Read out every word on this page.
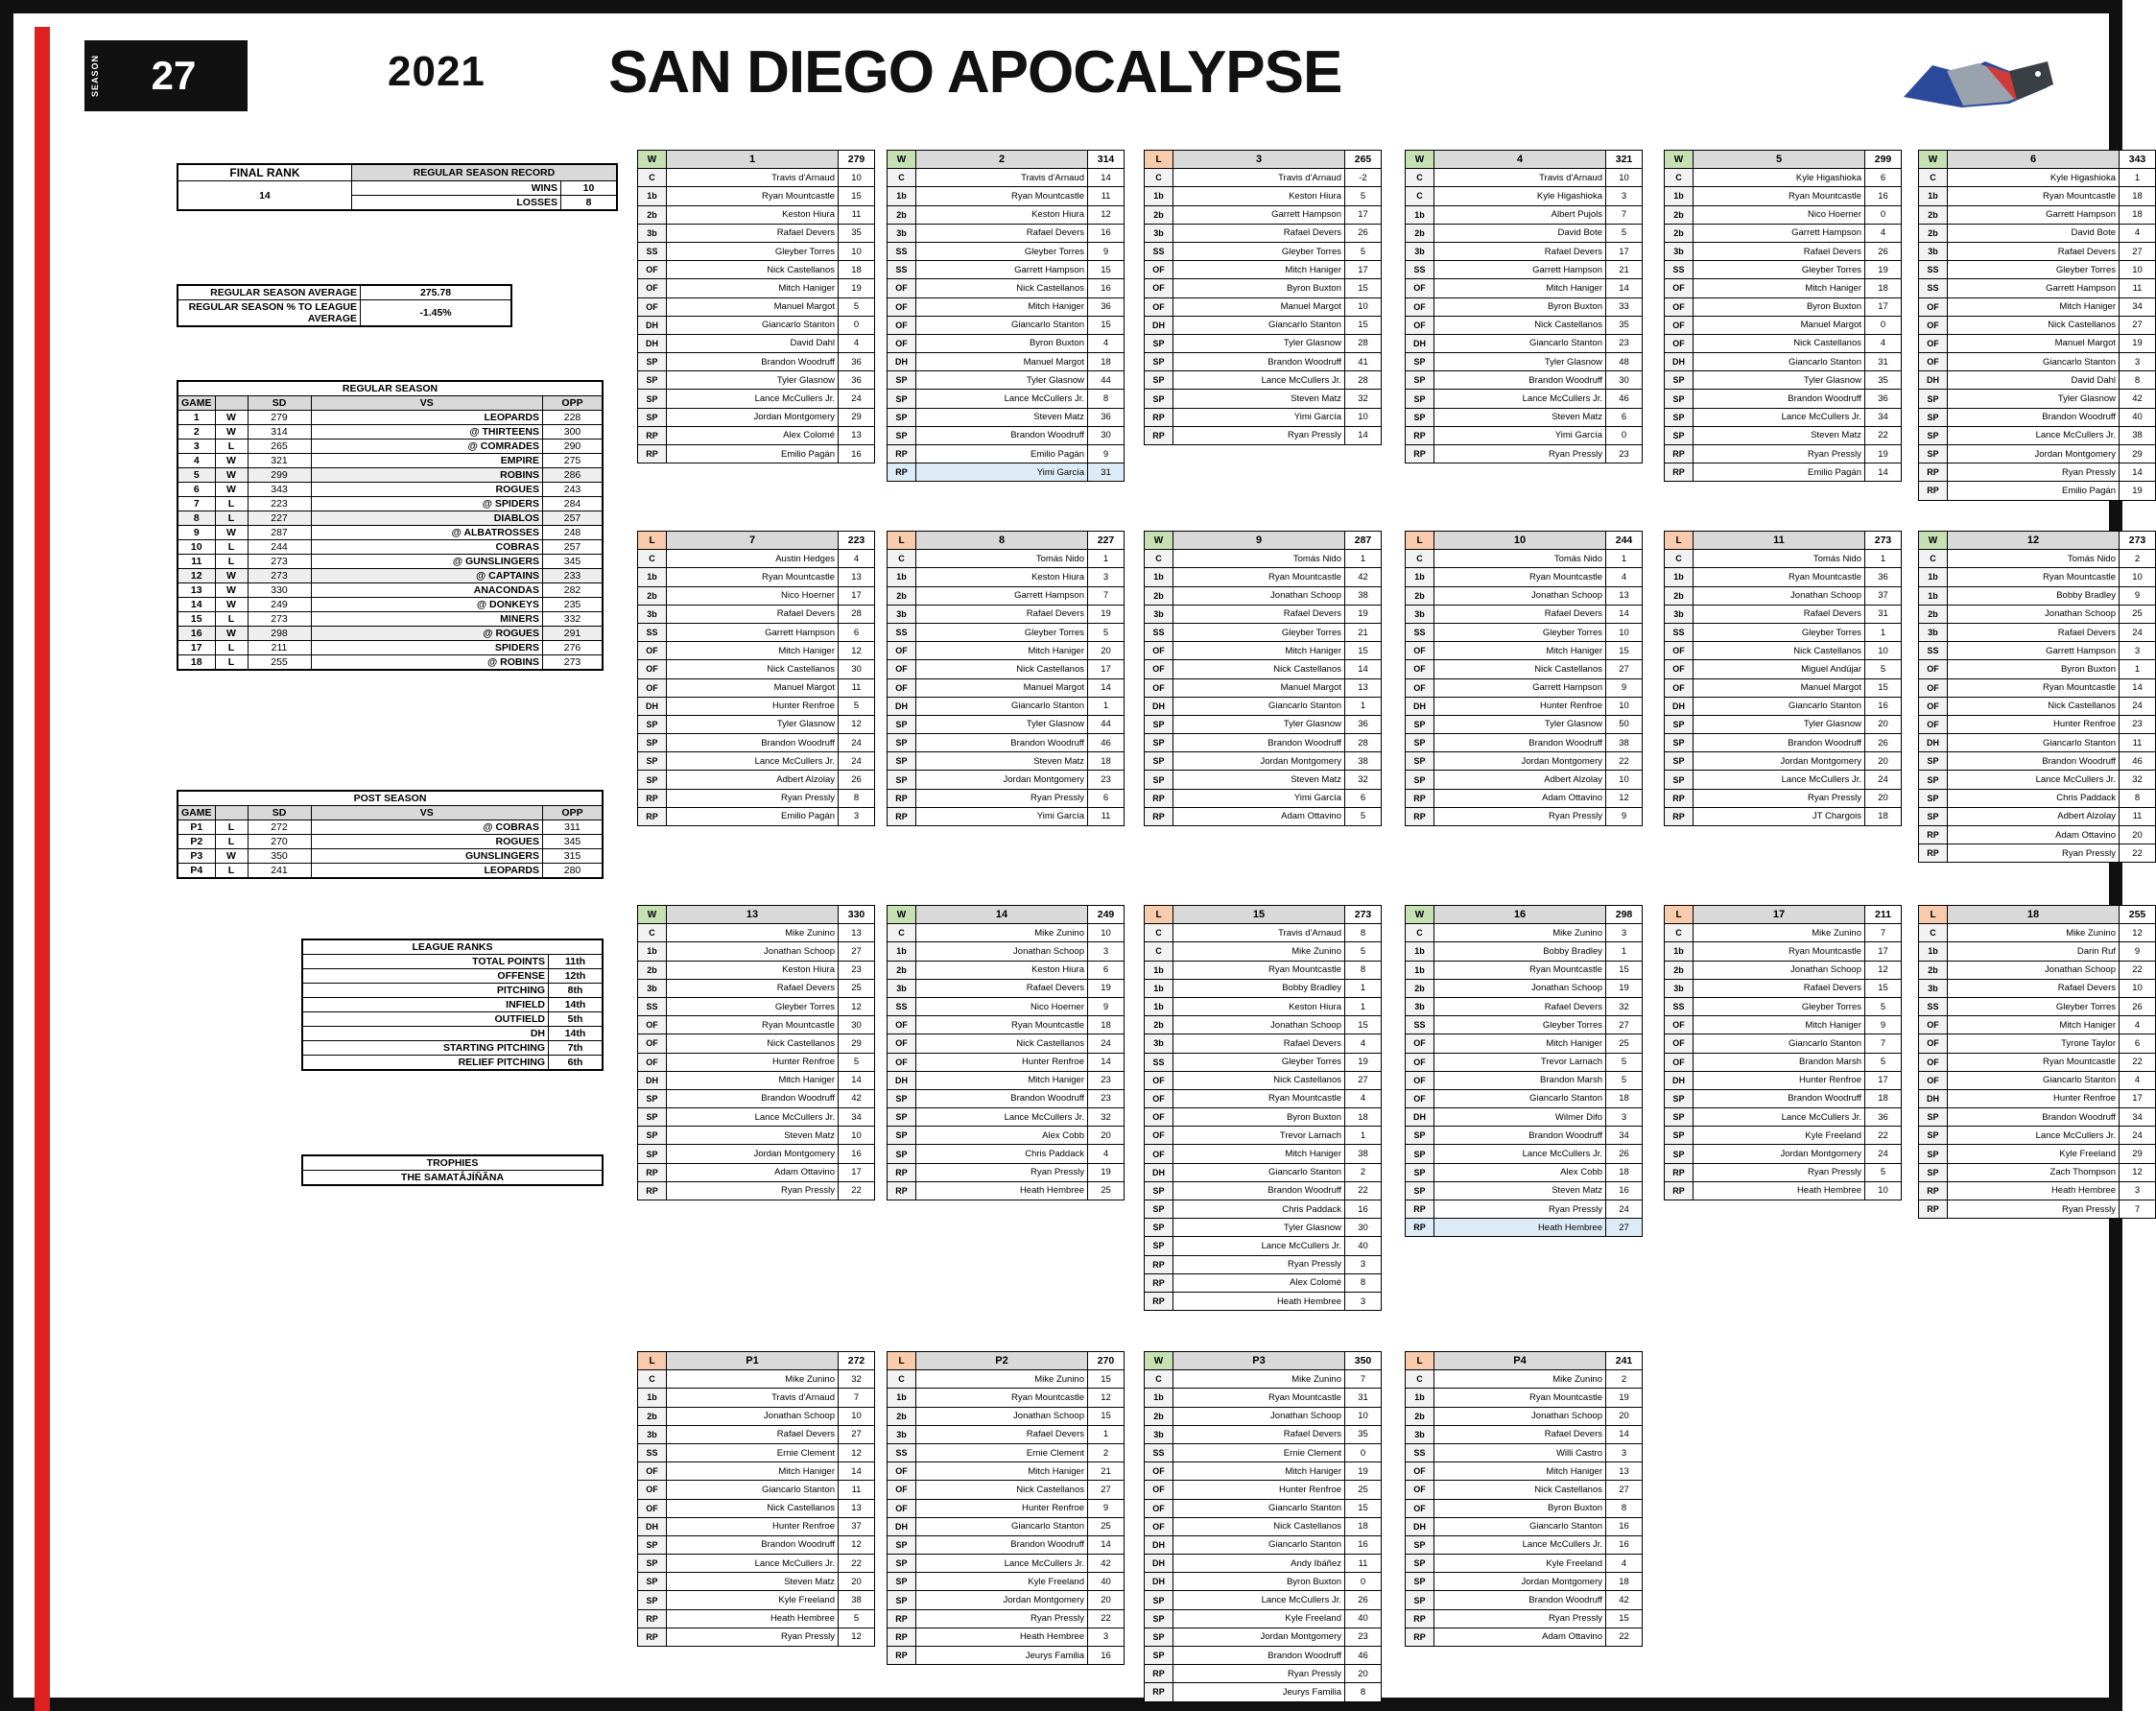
SEASON	27	2021 SAN DIEGO APOCALYPSE
FINAL RANK	REGULAR SEASON RECORD	
14	WINS	10
	LOSSES	8
REGULAR SEASON AVERAGE	275.78
REGULAR SEASON % TO LEAGUE AVERAGE	-1.45%
REGULAR SEASON				
GAME		SD	VS	OPP
1	W	279	LEOPARDS	228
2	W	314	@ THIRTEENS	300
3	L	265	@ COMRADES	290
4	W	321	EMPIRE	275
5	W	299	ROBINS	286
6	W	343	ROGUES	243
7	L	223	@ SPIDERS	284
8	L	227	DIABLOS	257
9	W	287	@ ALBATROSSES	248
10	L	244	COBRAS	257
11	L	273	@ GUNSLINGERS	345
12	W	273	@ CAPTAINS	233
13	W	330	ANACONDAS	282
14	W	249	@ DONKEYS	235
15	L	273	MINERS	332
16	W	298	@ ROGUES	291
17	L	211	SPIDERS	276
18	L	255	@ ROBINS	273
POST SEASON				
GAME		SD	VS	OPP
P1	L	272	@ COBRAS	311
P2	L	270	ROGUES	345
P3	W	350	GUNSLINGERS	315
P4	L	241	LEOPARDS	280
LEAGUE RANKS	
TOTAL POINTS	11th
OFFENSE	12th
PITCHING	8th
INFIELD	14th
OUTFIELD	5th
DH	14th
STARTING PITCHING	7th
RELIEF PITCHING	6th
TROPHIES
THE SAMATÂJÍÑÃNA
W	1	279
C	Travis d'Arnaud	10
1b	Ryan Mountcastle	15
2b	Keston Hiura	11
3b	Rafael Devers	35
SS	Gleyber Torres	10
OF	Nick Castellanos	18
OF	Mitch Haniger	19
OF	Manuel Margot	5
DH	Giancarlo Stanton	0
DH	David Dahl	4
SP	Brandon Woodruff	36
SP	Tyler Glasnow	36
SP	Lance McCullers Jr.	24
SP	Jordan Montgomery	29
RP	Alex Colomé	13
RP	Emilio Pagán	16
W	2	314
C	Travis d'Arnaud	14
1b	Ryan Mountcastle	11
2b	Keston Hiura	12
3b	Rafael Devers	16
SS	Gleyber Torres	9
SS	Garrett Hampson	15
OF	Nick Castellanos	16
OF	Mitch Haniger	36
OF	Giancarlo Stanton	15
OF	Byron Buxton	4
DH	Manuel Margot	18
SP	Tyler Glasnow	44
SP	Lance McCullers Jr.	8
SP	Steven Matz	36
SP	Brandon Woodruff	30
RP	Emilio Pagán	9
RP	Yimi García	31
L	3	265
C	Travis d'Arnaud	-2
1b	Keston Hiura	5
2b	Garrett Hampson	17
3b	Rafael Devers	26
SS	Gleyber Torres	5
OF	Mitch Haniger	17
OF	Byron Buxton	15
OF	Manuel Margot	10
DH	Giancarlo Stanton	15
SP	Tyler Glasnow	28
SP	Brandon Woodruff	41
SP	Lance McCullers Jr.	28
SP	Steven Matz	32
RP	Yimi García	10
RP	Ryan Pressly	14
W	4	321
C	Travis d'Arnaud	10
C	Kyle Higashioka	3
1b	Albert Pujols	7
2b	David Bote	5
3b	Rafael Devers	17
SS	Garrett Hampson	21
OF	Mitch Haniger	14
OF	Byron Buxton	33
OF	Nick Castellanos	35
DH	Giancarlo Stanton	23
SP	Tyler Glasnow	48
SP	Brandon Woodruff	30
SP	Lance McCullers Jr.	46
SP	Steven Matz	6
RP	Yimi García	0
RP	Ryan Pressly	23
W	5	299
C	Kyle Higashioka	6
1b	Ryan Mountcastle	16
2b	Nico Hoerner	0
2b	Garrett Hampson	4
3b	Rafael Devers	26
SS	Gleyber Torres	19
OF	Mitch Haniger	18
OF	Byron Buxton	17
OF	Manuel Margot	0
OF	Nick Castellanos	4
DH	Giancarlo Stanton	31
SP	Tyler Glasnow	35
SP	Brandon Woodruff	36
SP	Lance McCullers Jr.	34
SP	Steven Matz	22
RP	Ryan Pressly	19
RP	Emilio Pagán	14
W	6	343
C	Kyle Higashioka	1
1b	Ryan Mountcastle	18
2b	Garrett Hampson	18
2b	David Bote	4
3b	Rafael Devers	27
SS	Gleyber Torres	10
SS	Garrett Hampson	11
OF	Mitch Haniger	34
OF	Nick Castellanos	27
OF	Manuel Margot	19
OF	Giancarlo Stanton	3
DH	David Dahl	8
SP	Tyler Glasnow	42
SP	Brandon Woodruff	40
SP	Lance McCullers Jr.	38
SP	Jordan Montgomery	29
RP	Ryan Pressly	14
RP	Emilio Pagán	19
L	7	223
C	Austin Hedges	4
1b	Ryan Mountcastle	13
2b	Nico Hoerner	17
3b	Rafael Devers	28
SS	Garrett Hampson	6
OF	Mitch Haniger	12
OF	Nick Castellanos	30
OF	Manuel Margot	11
DH	Hunter Renfroe	5
SP	Tyler Glasnow	12
SP	Brandon Woodruff	24
SP	Lance McCullers Jr.	24
SP	Adbert Alzolay	26
RP	Ryan Pressly	8
RP	Emilio Pagán	3
L	8	227
C	Tomás Nido	1
1b	Keston Hiura	3
2b	Garrett Hampson	7
3b	Rafael Devers	19
SS	Gleyber Torres	5
OF	Mitch Haniger	20
OF	Nick Castellanos	17
OF	Manuel Margot	14
DH	Giancarlo Stanton	1
SP	Tyler Glasnow	44
SP	Brandon Woodruff	46
SP	Steven Matz	18
SP	Jordan Montgomery	23
RP	Ryan Pressly	6
RP	Yimi García	11
W	9	287
C	Tomás Nido	1
1b	Ryan Mountcastle	42
2b	Jonathan Schoop	38
3b	Rafael Devers	19
SS	Gleyber Torres	21
OF	Mitch Haniger	15
OF	Nick Castellanos	14
OF	Manuel Margot	13
DH	Giancarlo Stanton	1
SP	Tyler Glasnow	36
SP	Brandon Woodruff	28
SP	Jordan Montgomery	38
SP	Steven Matz	32
RP	Yimi García	6
RP	Adam Ottavino	5
L	10	244
C	Tomás Nido	1
1b	Ryan Mountcastle	4
2b	Jonathan Schoop	13
3b	Rafael Devers	14
SS	Gleyber Torres	10
OF	Mitch Haniger	15
OF	Nick Castellanos	27
OF	Garrett Hampson	9
DH	Hunter Renfroe	10
SP	Tyler Glasnow	50
SP	Brandon Woodruff	38
SP	Jordan Montgomery	22
SP	Adbert Alzolay	10
RP	Adam Ottavino	12
RP	Ryan Pressly	9
L	11	273
C	Tomás Nido	1
1b	Ryan Mountcastle	36
2b	Jonathan Schoop	37
3b	Rafael Devers	31
SS	Gleyber Torres	1
OF	Nick Castellanos	10
OF	Miguel Andújar	5
OF	Manuel Margot	15
DH	Giancarlo Stanton	16
SP	Tyler Glasnow	20
SP	Brandon Woodruff	26
SP	Jordan Montgomery	20
SP	Lance McCullers Jr.	24
RP	Ryan Pressly	20
RP	JT Chargois	18
W	12	273
C	Tomás Nido	2
1b	Ryan Mountcastle	10
1b	Bobby Bradley	9
2b	Jonathan Schoop	25
3b	Rafael Devers	24
SS	Garrett Hampson	3
OF	Byron Buxton	1
OF	Ryan Mountcastle	14
OF	Nick Castellanos	24
OF	Hunter Renfroe	23
DH	Giancarlo Stanton	11
SP	Brandon Woodruff	46
SP	Lance McCullers Jr.	32
SP	Chris Paddack	8
SP	Adbert Alzolay	11
RP	Adam Ottavino	20
RP	Ryan Pressly	22
W	13	330
C	Mike Zunino	13
1b	Jonathan Schoop	27
2b	Keston Hiura	23
3b	Rafael Devers	25
SS	Gleyber Torres	12
OF	Ryan Mountcastle	30
OF	Nick Castellanos	29
OF	Hunter Renfroe	5
DH	Mitch Haniger	14
SP	Brandon Woodruff	42
SP	Lance McCullers Jr.	34
SP	Steven Matz	10
SP	Jordan Montgomery	16
RP	Adam Ottavino	17
RP	Ryan Pressly	22
W	14	249
C	Mike Zunino	10
1b	Jonathan Schoop	3
2b	Keston Hiura	6
3b	Rafael Devers	19
SS	Nico Hoerner	9
OF	Ryan Mountcastle	18
OF	Nick Castellanos	24
OF	Hunter Renfroe	14
DH	Mitch Haniger	23
SP	Brandon Woodruff	23
SP	Lance McCullers Jr.	32
SP	Alex Cobb	20
SP	Chris Paddack	4
RP	Ryan Pressly	19
RP	Heath Hembree	25
L	15	273
C	Travis d'Arnaud	8
C	Mike Zunino	5
1b	Ryan Mountcastle	8
1b	Bobby Bradley	1
1b	Keston Hiura	1
2b	Jonathan Schoop	15
3b	Rafael Devers	4
SS	Gleyber Torres	19
OF	Nick Castellanos	27
OF	Ryan Mountcastle	4
OF	Byron Buxton	18
OF	Trevor Larnach	1
OF	Mitch Haniger	38
DH	Giancarlo Stanton	2
SP	Brandon Woodruff	22
SP	Chris Paddack	16
SP	Tyler Glasnow	30
SP	Lance McCullers Jr.	40
RP	Ryan Pressly	3
RP	Alex Colomé	8
RP	Heath Hembree	3
W	16	298
C	Mike Zunino	3
1b	Bobby Bradley	1
1b	Ryan Mountcastle	15
2b	Jonathan Schoop	19
3b	Rafael Devers	32
SS	Gleyber Torres	27
OF	Mitch Haniger	25
OF	Trevor Larnach	5
OF	Brandon Marsh	5
OF	Giancarlo Stanton	18
DH	Wilmer Difo	3
SP	Brandon Woodruff	34
SP	Lance McCullers Jr.	26
SP	Alex Cobb	18
SP	Steven Matz	16
RP	Ryan Pressly	24
RP	Heath Hembree	27
L	17	211
C	Mike Zunino	7
1b	Ryan Mountcastle	17
2b	Jonathan Schoop	12
3b	Rafael Devers	15
SS	Gleyber Torres	5
OF	Mitch Haniger	9
OF	Giancarlo Stanton	7
OF	Brandon Marsh	5
DH	Hunter Renfroe	17
SP	Brandon Woodruff	18
SP	Lance McCullers Jr.	36
SP	Kyle Freeland	22
SP	Jordan Montgomery	24
RP	Ryan Pressly	5
RP	Heath Hembree	10
L	18	255
C	Mike Zunino	12
1b	Darin Ruf	9
2b	Jonathan Schoop	22
3b	Rafael Devers	10
SS	Gleyber Torres	26
OF	Mitch Haniger	4
OF	Tyrone Taylor	6
OF	Ryan Mountcastle	22
OF	Giancarlo Stanton	4
DH	Hunter Renfroe	17
SP	Brandon Woodruff	34
SP	Lance McCullers Jr.	24
SP	Kyle Freeland	29
SP	Zach Thompson	12
RP	Heath Hembree	3
RP	Ryan Pressly	7
L	P1	272
C	Mike Zunino	32
1b	Travis d'Arnaud	7
2b	Jonathan Schoop	10
3b	Rafael Devers	27
SS	Ernie Clement	12
OF	Mitch Haniger	14
OF	Giancarlo Stanton	11
OF	Nick Castellanos	13
DH	Hunter Renfroe	37
SP	Brandon Woodruff	12
SP	Lance McCullers Jr.	22
SP	Steven Matz	20
SP	Kyle Freeland	38
RP	Heath Hembree	5
RP	Ryan Pressly	12
L	P2	270
C	Mike Zunino	15
1b	Ryan Mountcastle	12
2b	Jonathan Schoop	15
3b	Rafael Devers	1
SS	Ernie Clement	2
OF	Mitch Haniger	21
OF	Nick Castellanos	27
OF	Hunter Renfroe	9
DH	Giancarlo Stanton	25
SP	Brandon Woodruff	14
SP	Lance McCullers Jr.	42
SP	Kyle Freeland	40
SP	Jordan Montgomery	20
RP	Ryan Pressly	22
RP	Heath Hembree	3
RP	Jeurys Familia	16
W	P3	350
C	Mike Zunino	7
1b	Ryan Mountcastle	31
2b	Jonathan Schoop	10
3b	Rafael Devers	35
SS	Ernie Clement	0
OF	Mitch Haniger	19
OF	Hunter Renfroe	25
OF	Giancarlo Stanton	15
OF	Nick Castellanos	18
DH	Giancarlo Stanton	16
DH	Andy Ibáñez	11
DH	Byron Buxton	0
SP	Lance McCullers Jr.	26
SP	Kyle Freeland	40
SP	Jordan Montgomery	23
SP	Brandon Woodruff	46
RP	Ryan Pressly	20
RP	Jeurys Familia	8
L	P4	241
C	Mike Zunino	2
1b	Ryan Mountcastle	19
2b	Jonathan Schoop	20
3b	Rafael Devers	14
SS	Willi Castro	3
OF	Mitch Haniger	13
OF	Nick Castellanos	27
OF	Byron Buxton	8
DH	Giancarlo Stanton	16
SP	Lance McCullers Jr.	16
SP	Kyle Freeland	4
SP	Jordan Montgomery	18
SP	Brandon Woodruff	42
RP	Ryan Pressly	15
RP	Adam Ottavino	22
